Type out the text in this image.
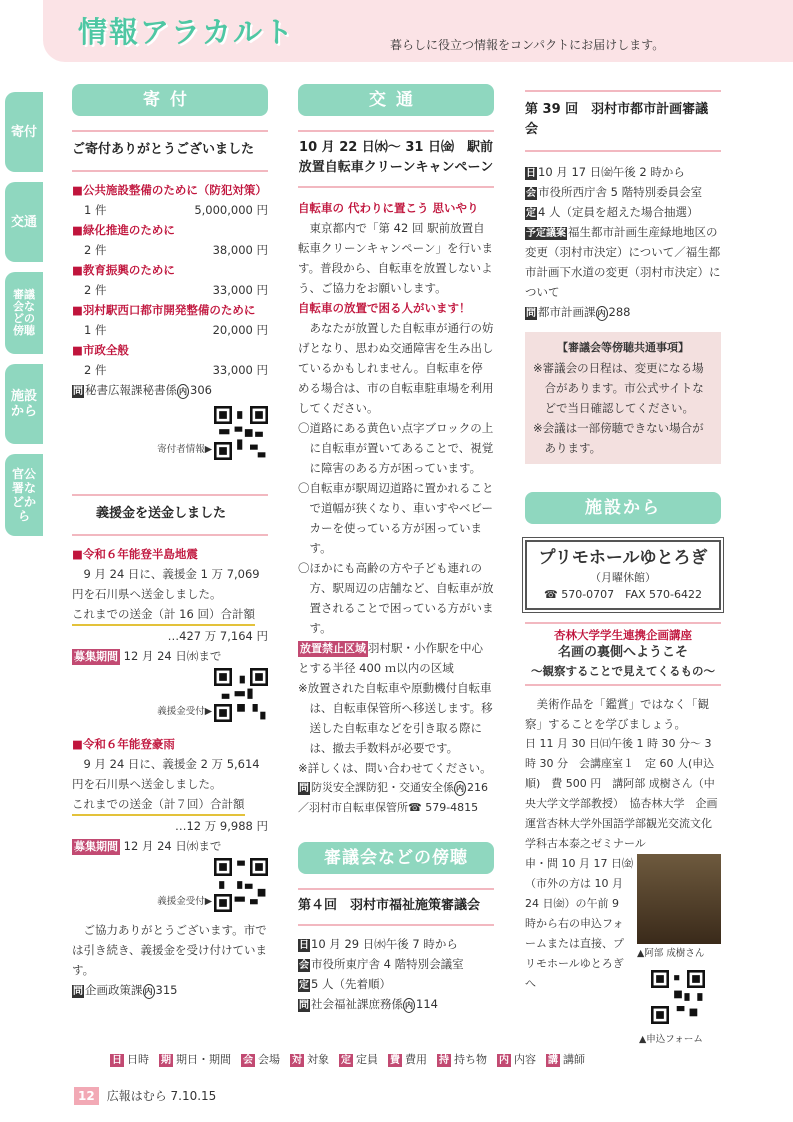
情報アラカルト	暮らしに役立つ情報をコンパクトにお届けします。
寄付
交通
審議会などの傍聴
施設から
官公署などから
寄付
ご寄付ありがとうございました
■公共施設整備のために（防犯対策）
1 件	5,000,000 円
■緑化推進のために
2 件	38,000 円
■教育振興のために
2 件	33,000 円
■羽村駅西口都市開発整備のために
1 件	20,000 円
■市政全般
2 件	33,000 円
問 秘書広報課秘書係 内 306
寄付者情報▶
義援金を送金しました
■令和６年能登半島地震
9 月 24 日に、義援金 1 万 7,069 円を石川県へ送金しました。
これまでの送金（計 16 回）合計額
…427 万 7,164 円
募集期間 12 月 24 日㈬まで
義援金受付▶
■令和６年能登豪雨
9 月 24 日に、義援金 2 万 5,614 円を石川県へ送金しました。
これまでの送金（計７回）合計額
…12 万 9,988 円
募集期間 12 月 24 日㈬まで
義援金受付▶
ご協力ありがとうございます。市では引き続き、義援金を受け付けています。
問 企画政策課 内 315
交通
10 月 22 日㈬～ 31 日㈮　駅前放置自転車クリーンキャンペーン
自転車の 代わりに置こう 思いやり
東京都内で「第 42 回 駅前放置自転車クリーンキャンペーン」を行います。普段から、自転車を放置しないよう、ご協力をお願いします。
自転車の放置で困る人がいます！
あなたが放置した自転車が通行の妨げとなり、思わぬ交通障害を生み出しているかもしれません。自転車を停める場合は、市の自転車駐車場を利用してください。
〇道路にある黄色い点字ブロックの上に自転車が置いてあることで、視覚に障害のある方が困っています。
〇自転車が駅周辺道路に置かれることで道幅が狭くなり、車いすやベビーカーを使っている方が困っています。
〇ほかにも高齢の方や子ども連れの方、駅周辺の店舗など、自転車が放置されることで困っている方がいます。
放置禁止区域 羽村駅・小作駅を中心とする半径 400 ｍ以内の区域
※放置された自転車や原動機付自転車は、自転車保管所へ移送します。移送した自転車などを引き取る際には、撤去手数料が必要です。
※詳しくは、問い合わせてください。
問 防災安全課防犯・交通安全係 内 216／羽村市自転車保管所☎ 579-4815
審議会などの傍聴
第４回　羽村市福祉施策審議会
日 10 月 29 日㈬午後 7 時から
会 市役所東庁舎 4 階特別会議室
定 5 人（先着順）
問 社会福祉課庶務係 内 114
第 39 回　羽村市都市計画審議会
日 10 月 17 日㈮午後 2 時から
会 市役所西庁舎 5 階特別委員会室
定 4 人（定員を超えた場合抽選）
予定議案 福生都市計画生産緑地地区の変更（羽村市決定）について／福生都市計画下水道の変更（羽村市決定）について
問 都市計画課 内 288
【審議会等傍聴共通事項】
※審議会の日程は、変更になる場合があります。市公式サイトなどで当日確認してください。
※会議は一部傍聴できない場合があります。
施設から
プリモホールゆとろぎ
（月曜休館）
☎ 570-0707　FAX 570-6422
杏林大学学生連携企画講座
名画の裏側へようこそ
～観察することで見えてくるもの～
美術作品を「鑑賞」ではなく「観察」することを学びましょう。
日 11 月 30 日㈰午後 1 時 30 分～ 3 時 30 分　会講座室１　定 60 人(申込順)　費 500 円　講阿部 成樹さん（中央大学文学部教授）　協杏林大学　企画運営杏林大学外国語学部観光交流文化学科古本泰之ゼミナール
申・問 10 月 17 日㈮（市外の方は 10 月 24 日㈮）の午前 9 時から右の申込フォームまたは直接、プリモホールゆとろぎへ
▲阿部 成樹さん
▲申込フォーム
日 日時 期 期日・期間 会 会場 対 対象 定 定員 費 費用 持 持ち物 内 内容 講 講師
12	広報はむら 7.10.15
